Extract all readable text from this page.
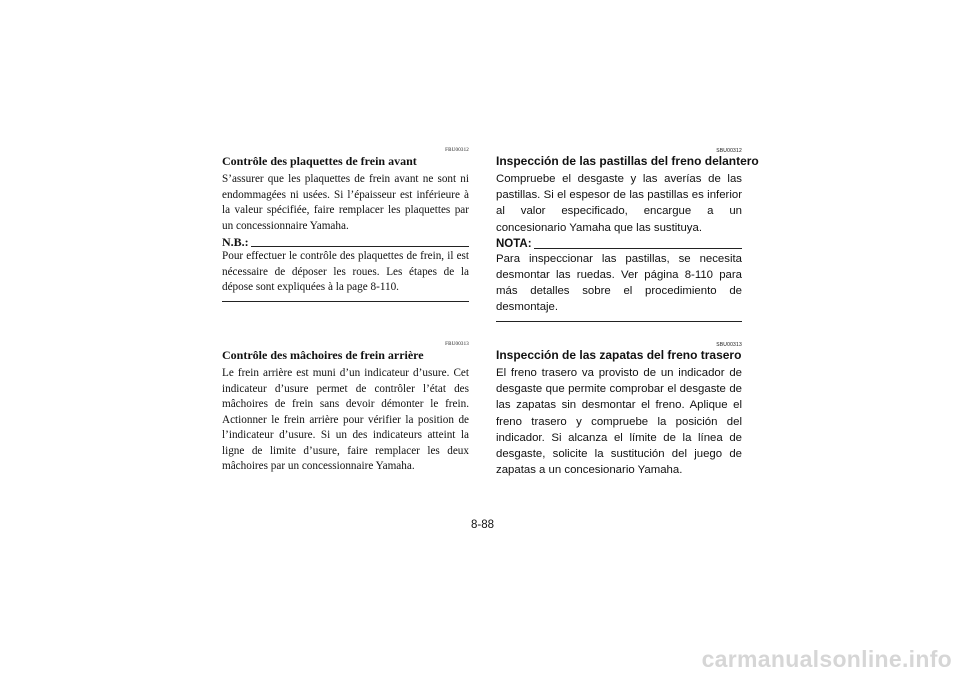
FBU00312
Contrôle des plaquettes de frein avant
S’assurer que les plaquettes de frein avant ne sont ni endommagées ni usées. Si l’épaisseur est inférieure à la valeur spécifiée, faire remplacer les plaquettes par un concessionnaire Yamaha.
N.B.:
Pour effectuer le contrôle des plaquettes de frein, il est nécessaire de déposer les roues. Les étapes de la dépose sont expliquées à la page 8-110.
FBU00313
Contrôle des mâchoires de frein arrière
Le frein arrière est muni d’un indicateur d’usure. Cet indicateur d’usure permet de contrôler l’état des mâchoires de frein sans devoir démonter le frein. Actionner le frein arrière pour vérifier la position de l’indicateur d’usure. Si un des indicateurs atteint la ligne de limite d’usure, faire remplacer les deux mâchoires par un concessionnaire Yamaha.
SBU00312
Inspección de las pastillas del freno delantero
Compruebe el desgaste y las averías de las pastillas. Si el espesor de las pastillas es inferior al valor especificado, encargue a un concesionario Yamaha que las sustituya.
NOTA:
Para inspeccionar las pastillas, se necesita desmontar las ruedas. Ver página 8-110 para más detalles sobre el procedimiento de desmontaje.
SBU00313
Inspección de las zapatas del freno trasero
El freno trasero va provisto de un indicador de desgaste que permite comprobar el desgaste de las zapatas sin desmontar el freno. Aplique el freno trasero y compruebe la posición del indicador. Si alcanza el límite de la línea de desgaste, solicite la sustitución del juego de zapatas a un concesionario Yamaha.
8-88
carmanualsonline.info
